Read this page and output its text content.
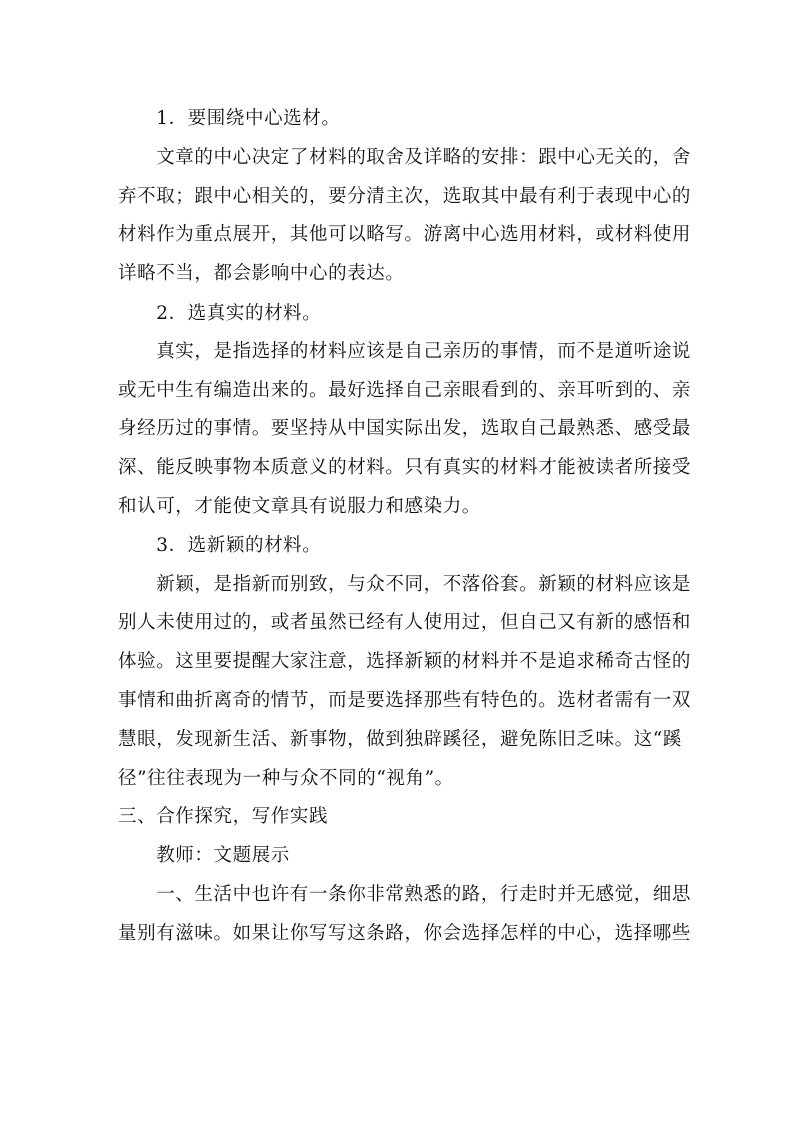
　　1．要围绕中心选材。
　　文章的中心决定了材料的取舍及详略的安排：跟中心无关的，舍
弃不取；跟中心相关的，要分清主次，选取其中最有利于表现中心的
材料作为重点展开，其他可以略写。游离中心选用材料，或材料使用
详略不当，都会影响中心的表达。
　　2．选真实的材料。
　　真实，是指选择的材料应该是自己亲历的事情，而不是道听途说
或无中生有编造出来的。最好选择自己亲眼看到的、亲耳听到的、亲
身经历过的事情。要坚持从中国实际出发，选取自己最熟悉、感受最
深、能反映事物本质意义的材料。只有真实的材料才能被读者所接受
和认可，才能使文章具有说服力和感染力。
　　3．选新颖的材料。
　　新颖，是指新而别致，与众不同，不落俗套。新颖的材料应该是
别人未使用过的，或者虽然已经有人使用过，但自己又有新的感悟和
体验。这里要提醒大家注意，选择新颖的材料并不是追求稀奇古怪的
事情和曲折离奇的情节，而是要选择那些有特色的。选材者需有一双
慧眼，发现新生活、新事物，做到独辟蹊径，避免陈旧乏味。这“蹊
径”往往表现为一种与众不同的“视角”。
三、合作探究，写作实践
　　教师：文题展示
　　一、生活中也许有一条你非常熟悉的路，行走时并无感觉，细思
量别有滋味。如果让你写写这条路，你会选择怎样的中心，选择哪些
